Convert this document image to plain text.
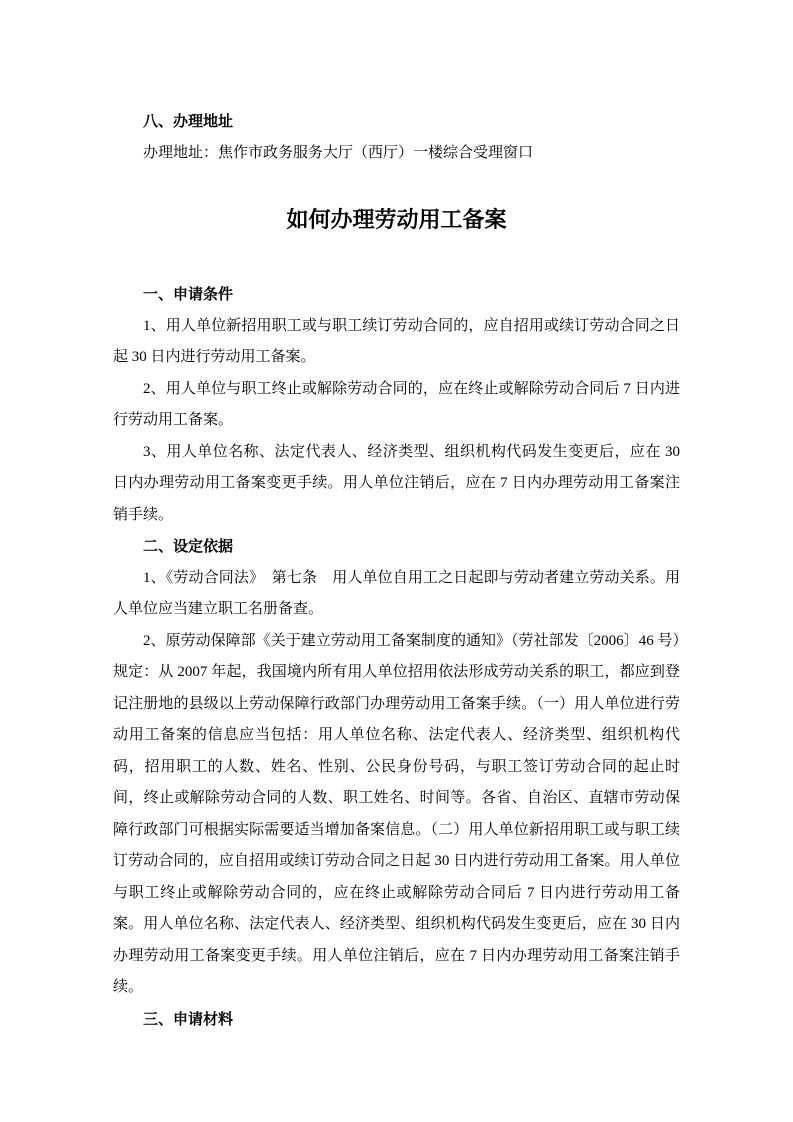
八、办理地址

办理地址：焦作市政务服务大厅（西厅）一楼综合受理窗口

如何办理劳动用工备案

一、申请条件

1、用人单位新招用职工或与职工续订劳动合同的，应自招用或续订劳动合同之日起 30 日内进行劳动用工备案。

2、用人单位与职工终止或解除劳动合同的，应在终止或解除劳动合同后 7 日内进行劳动用工备案。

3、用人单位名称、法定代表人、经济类型、组织机构代码发生变更后，应在 30 日内办理劳动用工备案变更手续。用人单位注销后，应在 7 日内办理劳动用工备案注销手续。

二、设定依据

1、《劳动合同法》　第七条　用人单位自用工之日起即与劳动者建立劳动关系。用人单位应当建立职工名册备查。

2、原劳动保障部《关于建立劳动用工备案制度的通知》（劳社部发〔2006〕46 号）规定：从 2007 年起，我国境内所有用人单位招用依法形成劳动关系的职工，都应到登记注册地的县级以上劳动保障行政部门办理劳动用工备案手续。（一）用人单位进行劳动用工备案的信息应当包括：用人单位名称、法定代表人、经济类型、组织机构代码，招用职工的人数、姓名、性别、公民身份号码，与职工签订劳动合同的起止时间，终止或解除劳动合同的人数、职工姓名、时间等。各省、自治区、直辖市劳动保障行政部门可根据实际需要适当增加备案信息。（二）用人单位新招用职工或与职工续订劳动合同的，应自招用或续订劳动合同之日起 30 日内进行劳动用工备案。用人单位与职工终止或解除劳动合同的，应在终止或解除劳动合同后 7 日内进行劳动用工备案。用人单位名称、法定代表人、经济类型、组织机构代码发生变更后，应在 30 日内办理劳动用工备案变更手续。用人单位注销后，应在 7 日内办理劳动用工备案注销手续。

三、申请材料
